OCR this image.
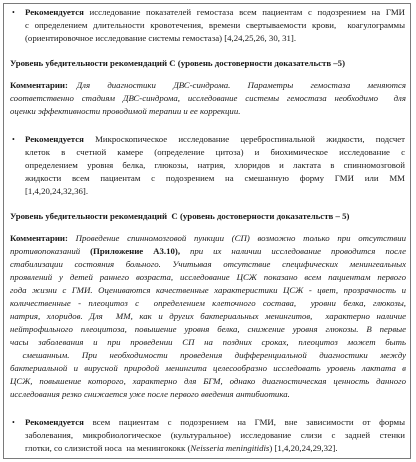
• Рекомендуется исследование показателей гемостаза всем пациентам с подозрением на ГМИ
с определением длительности кровотечения, времени свертываемости крови,  коагулограммы
(ориентировочное исследование системы гемостаза) [4,24,25,26, 30, 31].
Уровень убедительности рекомендаций С (уровень достоверности доказательств –5)
Комментарии: Для  диагностики  ДВС-синдрома.  Параметры  гемостаза  меняются
соответственно стадиям ДВС-синдрома, исследование системы гемостаза необходимо  для
оценки эффективности проводимой терапии и ее коррекции.
• Рекомендуется Микроскопическое исследование цереброспинальной жидкости, подсчет
клеток  в  счетной  камере  (определение  цитоза)  и  биохимическое  исследование  с
определением уровня белка, глюкозы, натрия, хлоридов и лактата в спинномозговой
жидкости  всем  пациентам  с  подозрением  на  смешанную  форму  ГМИ  или  ММ
[1,4,20,24,32,36].
Уровень убедительности рекомендаций  С (уровень достоверности доказательств – 5)
Комментарии: Проведение спинномозговой пункции (СП) возможно только при отсутствии
противопоказаний (Приложение А3.10), при их наличии исследование проводится после
стабилизации состояния больного. Учитывая отсутствие специфических менингеальных
проявлений у детей раннего возраста, исследование ЦСЖ показано всем пациентам первого
года жизни с ГМИ. Оцениваются качественные характеристики ЦСЖ - цвет, прозрачность и
количественные - плеоцитоз с  определением клеточного состава,  уровни белка, глюкозы,
натрия, хлоридов. Для  ММ, как и других бактериальных менингитов,  характерно наличие
нейтрофильного плеоцитоза, повышение уровня белка, снижение уровня глюкозы. В первые
часы  заболевания  и  при  проведении  СП  на  поздних  сроках,  плеоцитоз  может  быть
смешанным.   При   необходимости   проведения   дифференциальной   диагностики   между
бактериальной и вирусной природой менингита целесообразно исследовать уровень лактата в
ЦСЖ, повышение которого, характерно для БГМ, однако диагностическая ценность данного
исследования резко снижается уже после первого введения антибиотика.
• Рекомендуется всем пациентам с подозрением на ГМИ, вне зависимости от формы
заболевания, микробиологическое (культуральное) исследование слизи с задней стенки
глотки, со слизистой носа  на менингококк (Neisseria meningitidis) [1,4,20,24,29,32].
